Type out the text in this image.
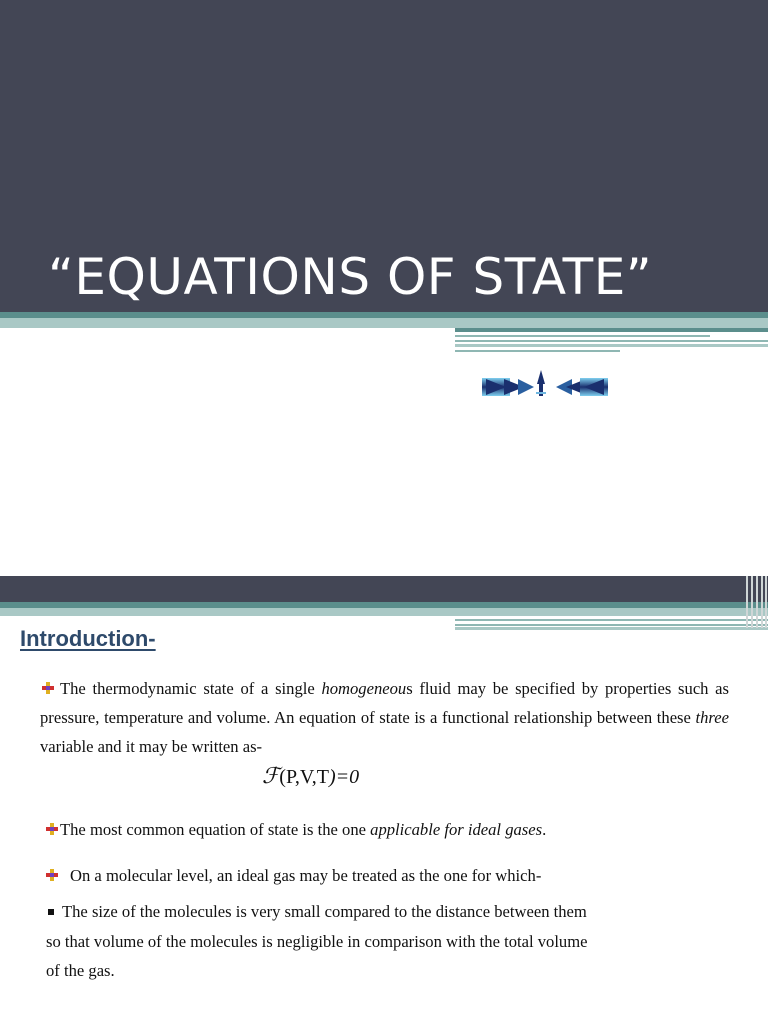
“EQUATIONS OF STATE”
Introduction-
The thermodynamic state of a single homogeneous fluid may be specified by properties such as pressure, temperature and volume. An equation of state is a functional relationship between these three variable and it may be written as-
ℱ(P,V,T)=0
The most common equation of state is the one applicable for ideal gases.
On a molecular level, an ideal gas may be treated as the one for which-
The size of the molecules is very small compared to the distance between them
so that volume of the molecules is negligible in comparison with the total volume
of the gas.
